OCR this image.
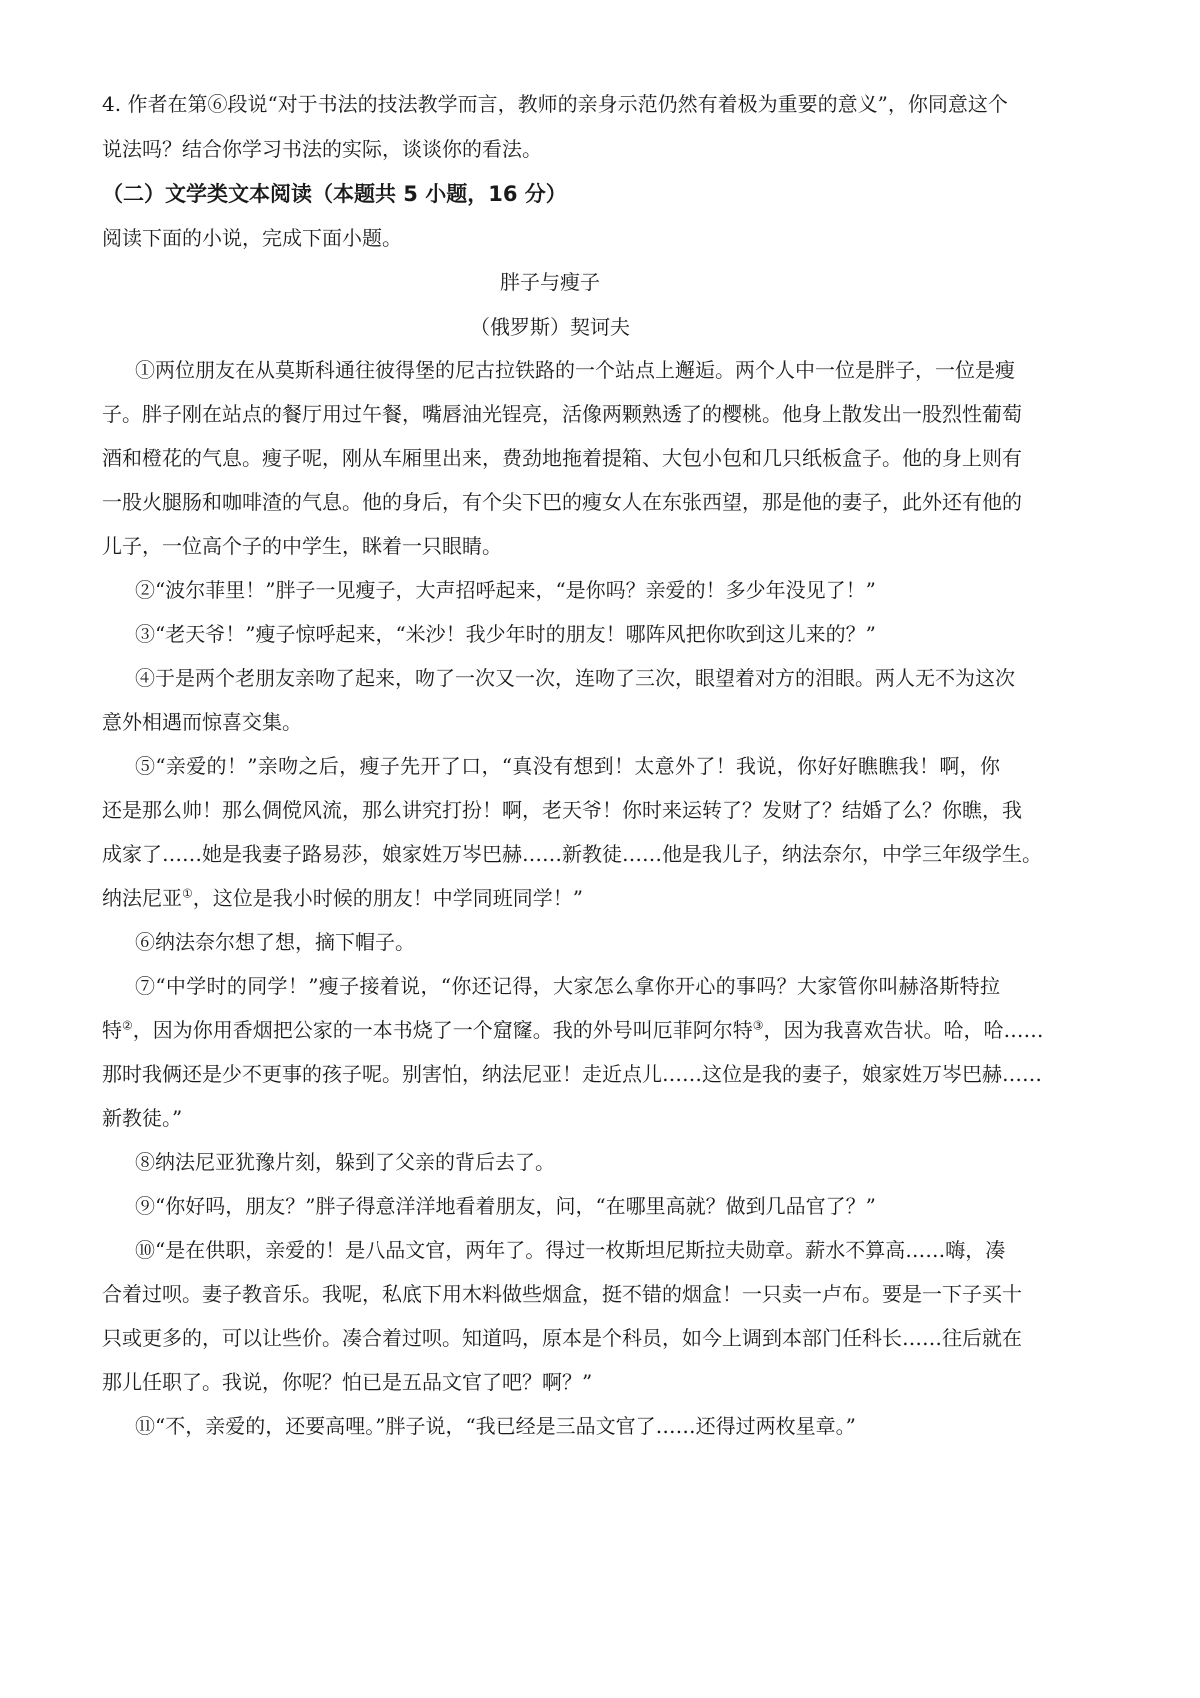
4. 作者在第⑥段说“对于书法的技法教学而言，教师的亲身示范仍然有着极为重要的意义”，你同意这个
说法吗？结合你学习书法的实际，谈谈你的看法。
（二）文学类文本阅读（本题共 5 小题，16 分）
阅读下面的小说，完成下面小题。
胖子与瘦子
（俄罗斯）契诃夫
①两位朋友在从莫斯科通往彼得堡的尼古拉铁路的一个站点上邂逅。两个人中一位是胖子，一位是瘦
子。胖子刚在站点的餐厅用过午餐，嘴唇油光锃亮，活像两颗熟透了的樱桃。他身上散发出一股烈性葡萄
酒和橙花的气息。瘦子呢，刚从车厢里出来，费劲地拖着提箱、大包小包和几只纸板盒子。他的身上则有
一股火腿肠和咖啡渣的气息。他的身后，有个尖下巴的瘦女人在东张西望，那是他的妻子，此外还有他的
儿子，一位高个子的中学生，眯着一只眼睛。
②“波尔菲里！”胖子一见瘦子，大声招呼起来，“是你吗？亲爱的！多少年没见了！”
③“老天爷！”瘦子惊呼起来，“米沙！我少年时的朋友！哪阵风把你吹到这儿来的？”
④于是两个老朋友亲吻了起来，吻了一次又一次，连吻了三次，眼望着对方的泪眼。两人无不为这次
意外相遇而惊喜交集。
⑤“亲爱的！”亲吻之后，瘦子先开了口，“真没有想到！太意外了！我说，你好好瞧瞧我！啊，你
还是那么帅！那么倜傥风流，那么讲究打扮！啊，老天爷！你时来运转了？发财了？结婚了么？你瞧，我
成家了……她是我妻子路易莎，娘家姓万岑巴赫……新教徒……他是我儿子，纳法奈尔，中学三年级学生。
纳法尼亚①，这位是我小时候的朋友！中学同班同学！”
⑥纳法奈尔想了想，摘下帽子。
⑦“中学时的同学！”瘦子接着说，“你还记得，大家怎么拿你开心的事吗？大家管你叫赫洛斯特拉
特②，因为你用香烟把公家的一本书烧了一个窟窿。我的外号叫厄菲阿尔特③，因为我喜欢告状。哈，哈……
那时我俩还是少不更事的孩子呢。别害怕，纳法尼亚！走近点儿……这位是我的妻子，娘家姓万岑巴赫……
新教徒。”
⑧纳法尼亚犹豫片刻，躲到了父亲的背后去了。
⑨“你好吗，朋友？”胖子得意洋洋地看着朋友，问，“在哪里高就？做到几品官了？”
⑩“是在供职，亲爱的！是八品文官，两年了。得过一枚斯坦尼斯拉夫勋章。薪水不算高……嗨，凑
合着过呗。妻子教音乐。我呢，私底下用木料做些烟盒，挺不错的烟盒！一只卖一卢布。要是一下子买十
只或更多的，可以让些价。凑合着过呗。知道吗，原本是个科员，如今上调到本部门任科长……往后就在
那儿任职了。我说，你呢？怕已是五品文官了吧？啊？”
⑪“不，亲爱的，还要高哩。”胖子说，“我已经是三品文官了……还得过两枚星章。”
